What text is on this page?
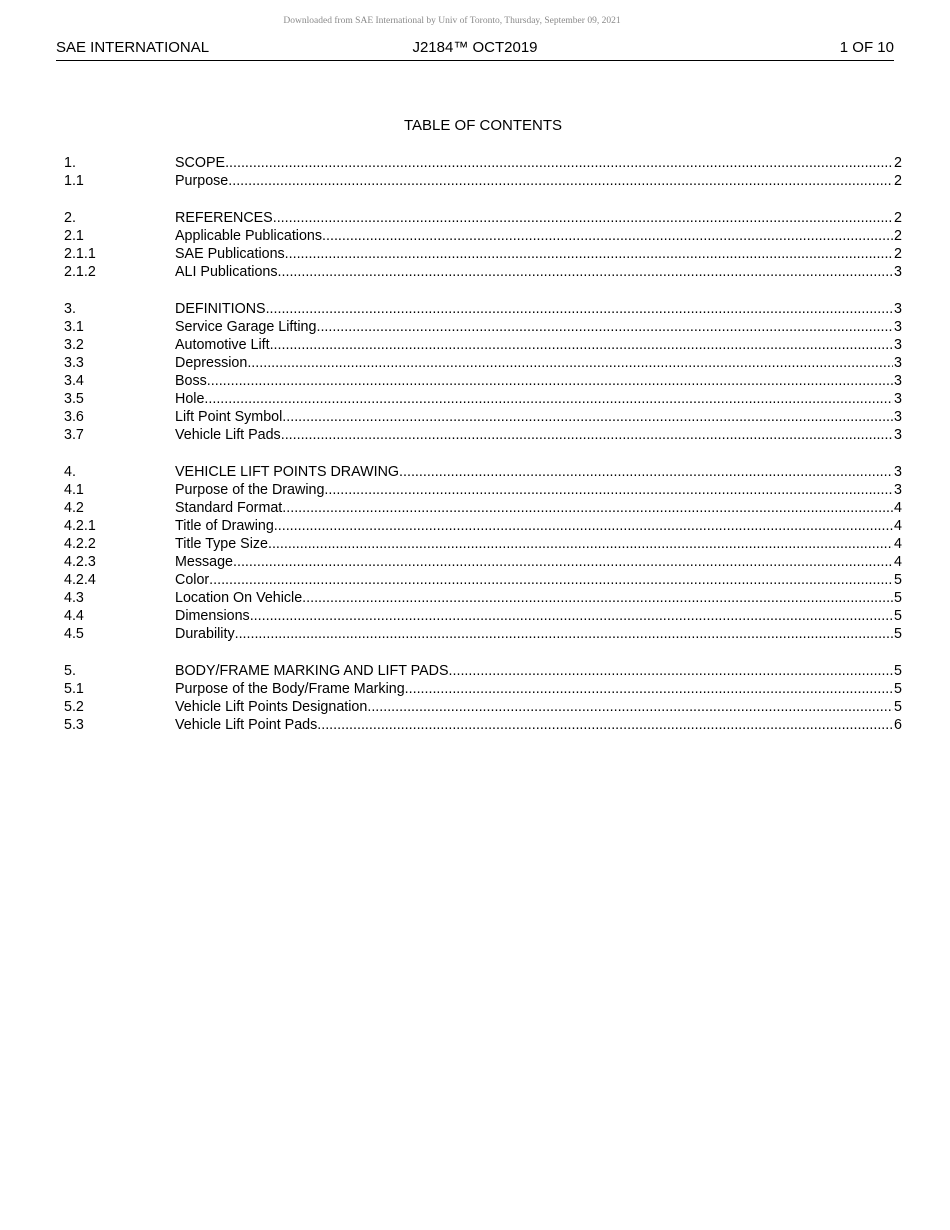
Downloaded from SAE International by Univ of Toronto, Thursday, September 09, 2021
SAE INTERNATIONAL	J2184™ OCT2019	1 OF 10
TABLE OF CONTENTS
1.	SCOPE .....	2
1.1	Purpose .....	2
2.	REFERENCES .....	2
2.1	Applicable Publications .....	2
2.1.1	SAE Publications .....	2
2.1.2	ALI Publications .....	3
3.	DEFINITIONS .....	3
3.1	Service Garage Lifting .....	3
3.2	Automotive Lift .....	3
3.3	Depression .....	3
3.4	Boss .....	3
3.5	Hole .....	3
3.6	Lift Point Symbol .....	3
3.7	Vehicle Lift Pads .....	3
4.	VEHICLE LIFT POINTS DRAWING .....	3
4.1	Purpose of the Drawing .....	3
4.2	Standard Format .....	4
4.2.1	Title of Drawing .....	4
4.2.2	Title Type Size .....	4
4.2.3	Message .....	4
4.2.4	Color .....	5
4.3	Location On Vehicle .....	5
4.4	Dimensions .....	5
4.5	Durability .....	5
5.	BODY/FRAME MARKING AND LIFT PADS .....	5
5.1	Purpose of the Body/Frame Marking .....	5
5.2	Vehicle Lift Points Designation .....	5
5.3	Vehicle Lift Point Pads .....	6
